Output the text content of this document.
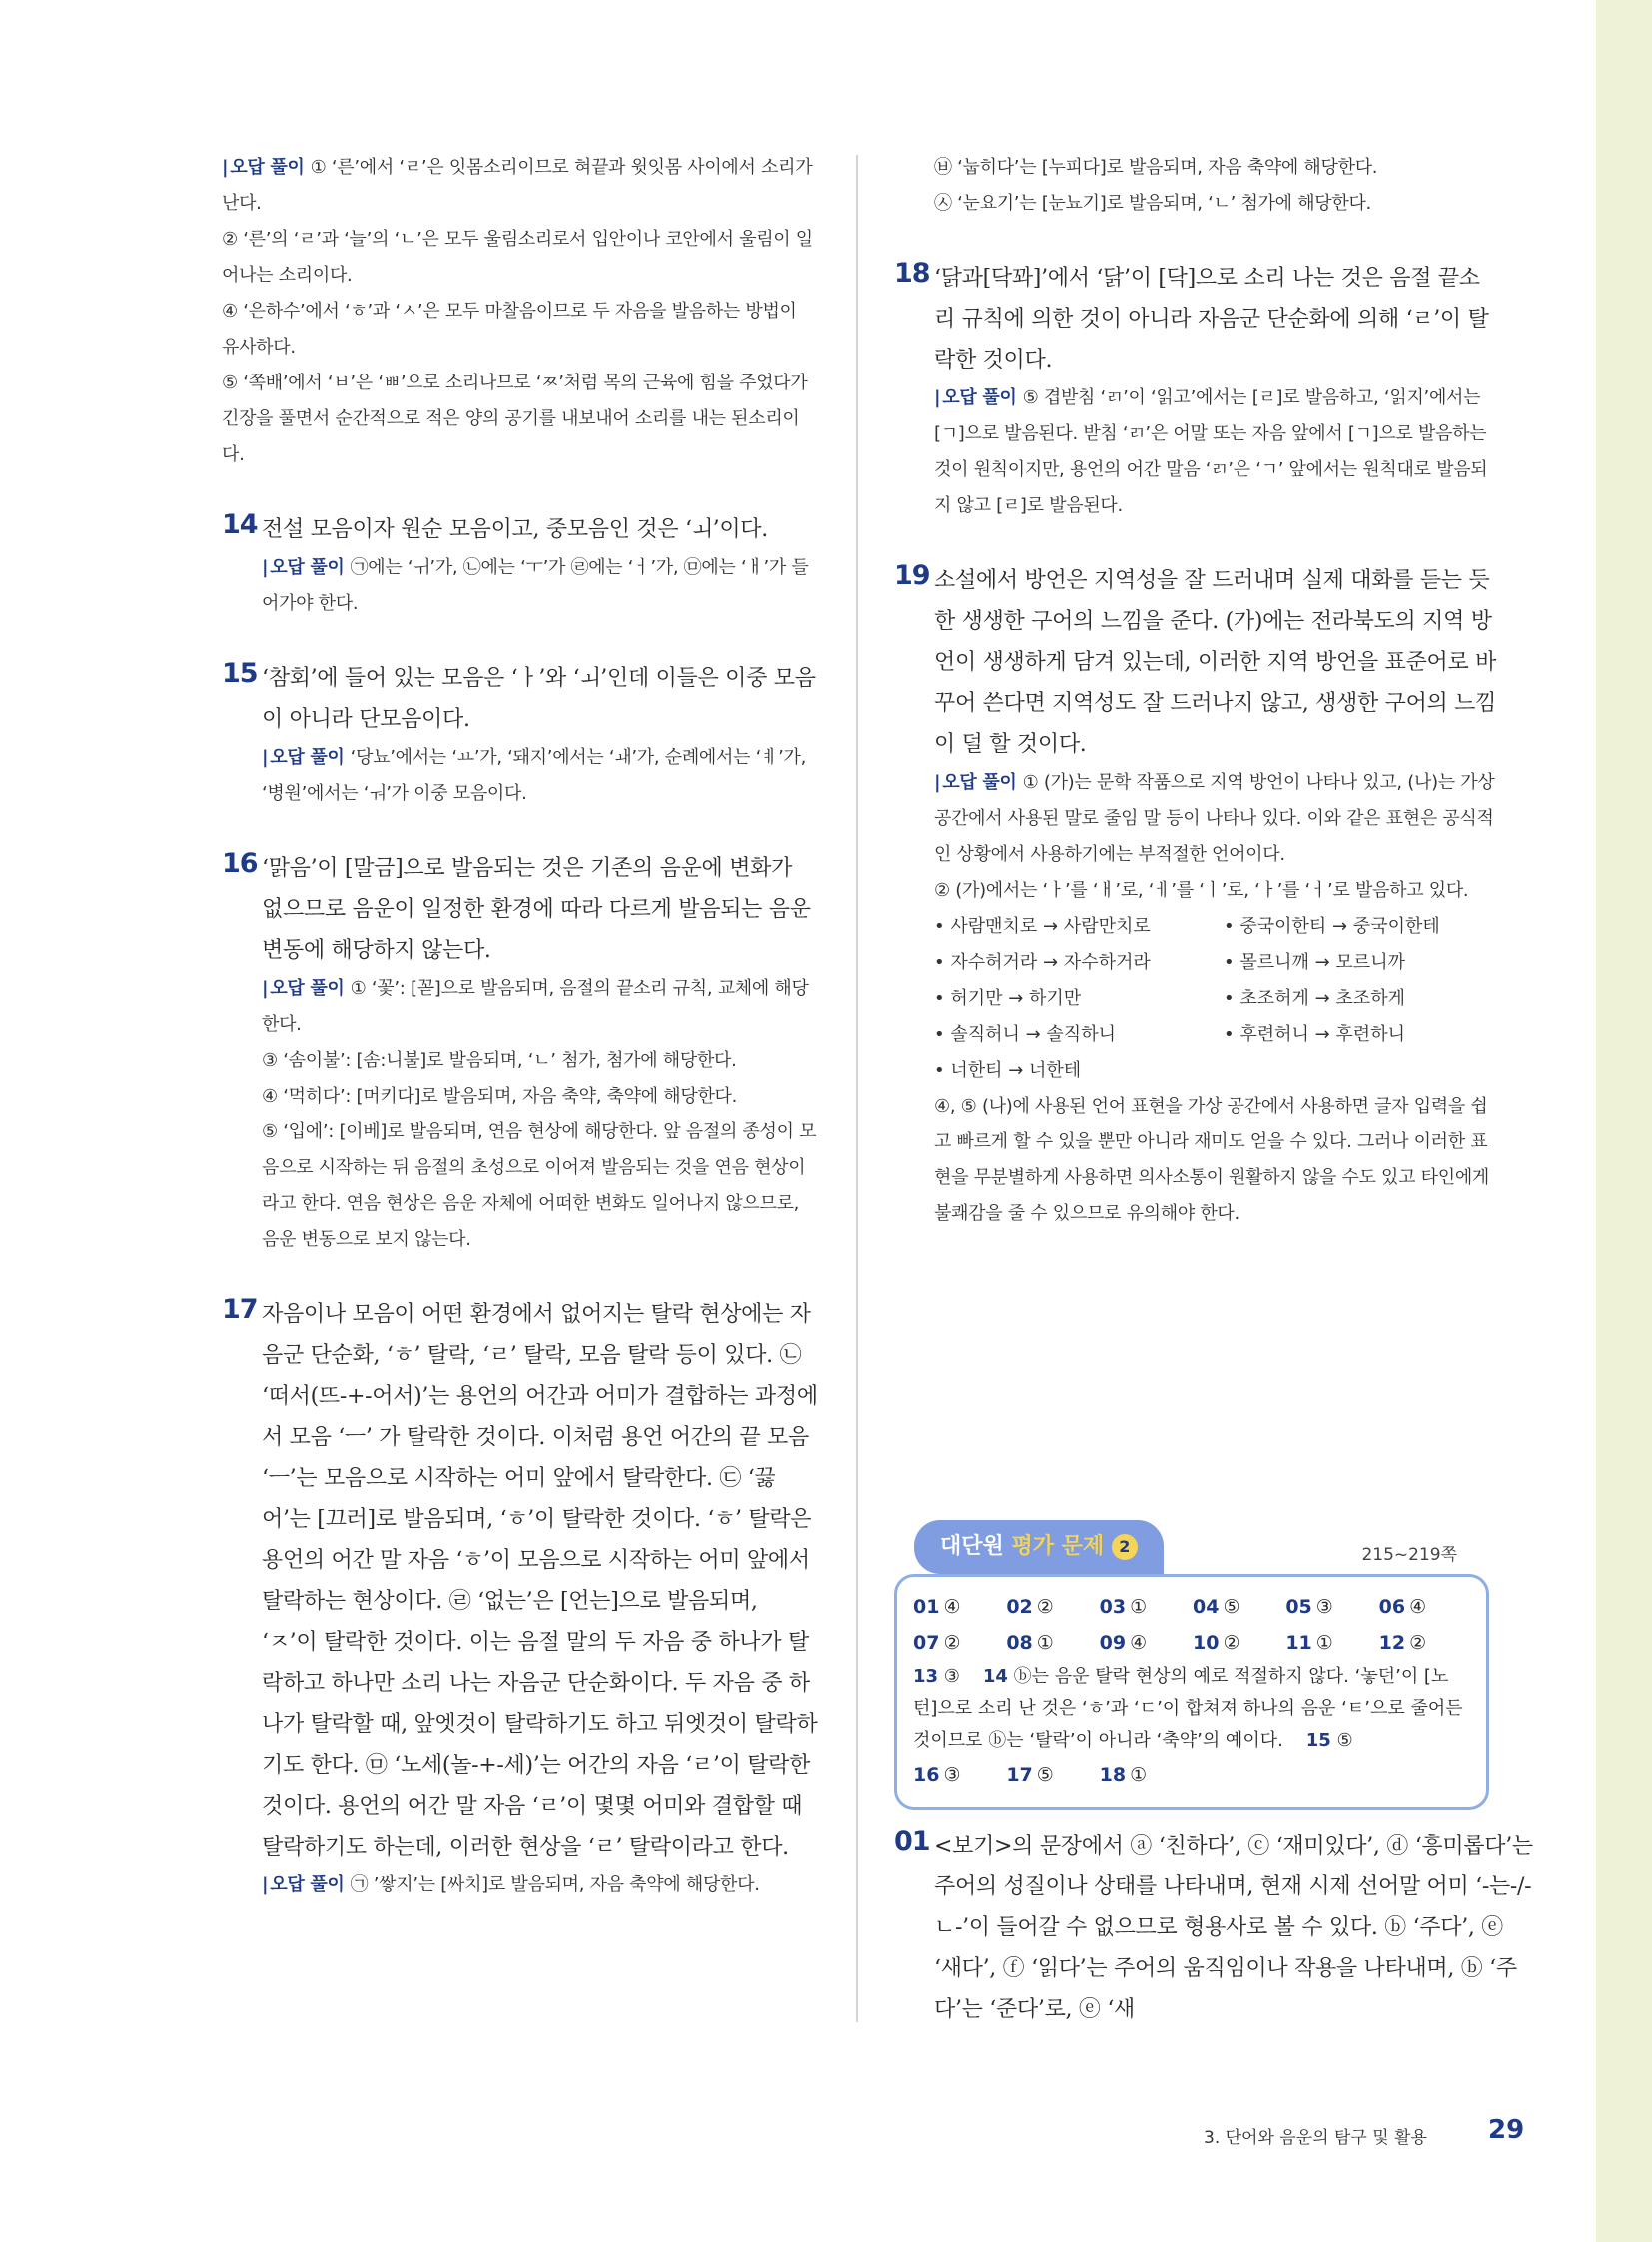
| 오답 풀이 ① ‘른’에서 ‘ㄹ’은 잇몸소리이므로 혀끝과 윗잇몸 사이에서 소리가 난다.

② ‘른’의 ‘ㄹ’과 ‘늘’의 ‘ㄴ’은 모두 울림소리로서 입안이나 코안에서 울림이 일어나는 소리이다.

④ ‘은하수’에서 ‘ㅎ’과 ‘ㅅ’은 모두 마찰음이므로 두 자음을 발음하는 방법이 유사하다.

⑤ ‘쪽배’에서 ‘ㅂ’은 ‘ㅃ’으로 소리나므로 ‘ㅉ’처럼 목의 근육에 힘을 주었다가 긴장을 풀면서 순간적으로 적은 양의 공기를 내보내어 소리를 내는 된소리이다.

14 전설 모음이자 원순 모음이고, 중모음인 것은 ‘ㅚ’이다.
| 오답 풀이 ㉠에는 ‘ㅟ’가, ㉡에는 ‘ㅜ’가 ㉣에는 ‘ㅓ’가, ㉤에는 ‘ㅐ’가 들어가야 한다.
15 ‘참회’에 들어 있는 모음은 ‘ㅏ’와 ‘ㅚ’인데 이들은 이중 모음이 아니라 단모음이다.
| 오답 풀이 ‘당뇨’에서는 ‘ㅛ’가, ‘돼지’에서는 ‘ㅙ’가, 순례에서는 ‘ㅖ’가, ‘병원’에서는 ‘ㅝ’가 이중 모음이다.
16 ‘맑음’이 [말금]으로 발음되는 것은 기존의 음운에 변화가 없으므로 음운이 일정한 환경에 따라 다르게 발음되는 음운 변동에 해당하지 않는다.

| 오답 풀이 ① ‘꽃’: [꼳]으로 발음되며, 음절의 끝소리 규칙, 교체에 해당한다.

③ ‘솜이불’: [솜:니불]로 발음되며, ‘ㄴ’ 첨가, 첨가에 해당한다.

④ ‘먹히다’: [머키다]로 발음되며, 자음 축약, 축약에 해당한다.

⑤ ‘입에’: [이베]로 발음되며, 연음 현상에 해당한다. 앞 음절의 종성이 모음으로 시작하는 뒤 음절의 초성으로 이어져 발음되는 것을 연음 현상이라고 한다. 연음 현상은 음운 자체에 어떠한 변화도 일어나지 않으므로, 음운 변동으로 보지 않는다.

17 자음이나 모음이 어떤 환경에서 없어지는 탈락 현상에는 자음군 단순화, ‘ㅎ’ 탈락, ‘ㄹ’ 탈락, 모음 탈락 등이 있다. ㉡ ‘떠서(뜨-+-어서)’는 용언의 어간과 어미가 결합하는 과정에서 모음 ‘ㅡ’ 가 탈락한 것이다. 이처럼 용언 어간의 끝 모음 ‘ㅡ’는 모음으로 시작하는 어미 앞에서 탈락한다. ㉢ ‘끓어’는 [끄러]로 발음되며, ‘ㅎ’이 탈락한 것이다. ‘ㅎ’ 탈락은 용언의 어간 말 자음 ‘ㅎ’이 모음으로 시작하는 어미 앞에서 탈락하는 현상이다. ㉣ ‘없는’은 [언는]으로 발음되며, ‘ㅈ’이 탈락한 것이다. 이는 음절 말의 두 자음 중 하나가 탈락하고 하나만 소리 나는 자음군 단순화이다. 두 자음 중 하나가 탈락할 때, 앞엣것이 탈락하기도 하고 뒤엣것이 탈락하기도 한다. ㉤ ‘노세(놀-+-세)’는 어간의 자음 ‘ㄹ’이 탈락한 것이다. 용언의 어간 말 자음 ‘ㄹ’이 몇몇 어미와 결합할 때 탈락하기도 하는데, 이러한 현상을 ‘ㄹ’ 탈락이라고 한다.
| 오답 풀이 ㉠ ’쌓지’는 [싸치]로 발음되며, 자음 축약에 해당한다.

㉥ ‘눕히다’는 [누피다]로 발음되며, 자음 축약에 해당한다.

㉦ ‘눈요기’는 [눈뇨기]로 발음되며, ‘ㄴ’ 첨가에 해당한다.

18 ‘닭과[닥꽈]’에서 ‘닭’이 [닥]으로 소리 나는 것은 음절 끝소리 규칙에 의한 것이 아니라 자음군 단순화에 의해 ‘ㄹ’이 탈락한 것이다.
| 오답 풀이 ⑤ 겹받침 ‘ㄺ’이 ‘읽고’에서는 [ㄹ]로 발음하고, ‘읽지’에서는 [ㄱ]으로 발음된다. 받침 ‘ㄺ’은 어말 또는 자음 앞에서 [ㄱ]으로 발음하는 것이 원칙이지만, 용언의 어간 말음 ‘ㄺ’은 ‘ㄱ’ 앞에서는 원칙대로 발음되지 않고 [ㄹ]로 발음된다.
19 소설에서 방언은 지역성을 잘 드러내며 실제 대화를 듣는 듯한 생생한 구어의 느낌을 준다. (가)에는 전라북도의 지역 방언이 생생하게 담겨 있는데, 이러한 지역 방언을 표준어로 바꾸어 쓴다면 지역성도 잘 드러나지 않고, 생생한 구어의 느낌이 덜 할 것이다.

| 오답 풀이 ① (가)는 문학 작품으로 지역 방언이 나타나 있고, (나)는 가상 공간에서 사용된 말로 줄임 말 등이 나타나 있다. 이와 같은 표현은 공식적인 상황에서 사용하기에는 부적절한 언어이다.

② (가)에서는 ‘ㅏ’를 ‘ㅐ’로, ‘ㅔ’를 ‘ㅣ’로, ‘ㅏ’를 ‘ㅓ’로 발음하고 있다.

• 사람맨치로 → 사람만치로	• 중국이한티 → 중국이한테
• 자수허거라 → 자수하거라	• 몰르니깨 → 모르니까
• 허기만 → 하기만	• 초조허게 → 초조하게
• 솔직허니 → 솔직하니	• 후련허니 → 후련하니
• 너한티 → 너한테
④, ⑤ (나)에 사용된 언어 표현을 가상 공간에서 사용하면 글자 입력을 쉽고 빠르게 할 수 있을 뿐만 아니라 재미도 얻을 수 있다. 그러나 이러한 표현을 무분별하게 사용하면 의사소통이 원활하지 않을 수도 있고 타인에게 불쾌감을 줄 수 있으므로 유의해야 한다.
대단원 평가 문제 2	215~219쪽
01 ④	02 ②	03 ①	04 ⑤	05 ③	06 ④
07 ②	08 ①	09 ④	10 ②	11 ①	12 ②
13 ③ 14 ⓑ는 음운 탈락 현상의 예로 적절하지 않다. ‘놓던’이 [노턴]으로 소리 난 것은 ‘ㅎ’과 ‘ㄷ’이 합쳐져 하나의 음운 ‘ㅌ’으로 줄어든 것이므로 ⓑ는 ‘탈락’이 아니라 ‘축약’의 예이다. 15 ⑤
16 ③	17 ⑤	18 ①
01 <보기>의 문장에서 ⓐ ‘친하다’, ⓒ ‘재미있다’, ⓓ ‘흥미롭다’는 주어의 성질이나 상태를 나타내며, 현재 시제 선어말 어미 ‘-는-/-ㄴ-’이 들어갈 수 없으므로 형용사로 볼 수 있다. ⓑ ‘주다’, ⓔ ‘새다’, ⓕ ‘읽다’는 주어의 움직임이나 작용을 나타내며, ⓑ ‘주다’는 ‘준다’로, ⓔ ‘새
3. 단어와 음운의 탐구 및 활용 29
